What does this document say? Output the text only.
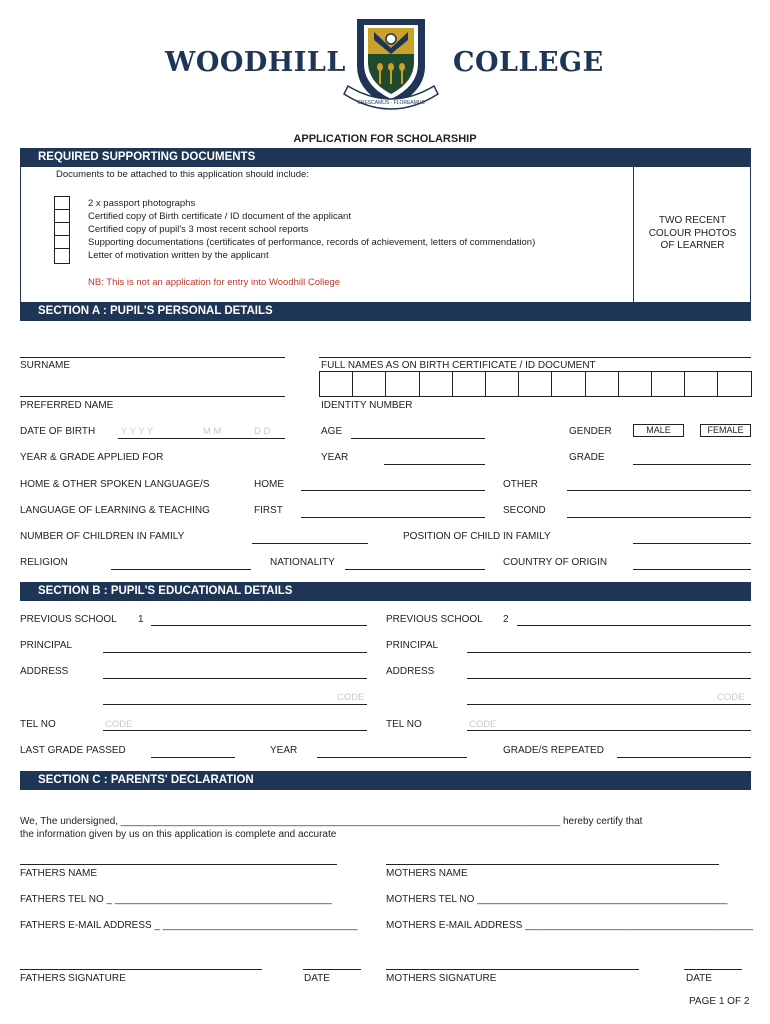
WOODHILL	COLLEGE
CRESCAMUS · FLOREAMUS
APPLICATION FOR SCHOLARSHIP
REQUIRED SUPPORTING DOCUMENTS
Documents to be attached to this application should include:
2 x passport photographs
Certified copy of Birth certificate / ID document of the applicant
Certified copy of pupil's 3 most recent school reports
Supporting documentations (certificates of performance, records of achievement, letters of commendation)
Letter of motivation written by the applicant
TWO RECENT
COLOUR PHOTOS
OF LEARNER
NB: This is not an application for entry into Woodhill College
SECTION A : PUPIL'S PERSONAL DETAILS
SURNAME	FULL NAMES AS ON BIRTH CERTIFICATE / ID DOCUMENT
PREFERRED NAME	IDENTITY NUMBER
DATE OF BIRTH	Y Y Y Y	M M	D D	AGE	GENDER	MALE	FEMALE
YEAR & GRADE APPLIED FOR	YEAR	GRADE
HOME & OTHER SPOKEN LANGUAGE/S	HOME	OTHER
LANGUAGE OF LEARNING & TEACHING	FIRST	SECOND
NUMBER OF CHILDREN IN FAMILY	POSITION OF CHILD IN FAMILY
RELIGION	NATIONALITY	COUNTRY OF ORIGIN
SECTION B : PUPIL'S EDUCATIONAL DETAILS
PREVIOUS SCHOOL 1	PREVIOUS SCHOOL 2
PRINCIPAL	PRINCIPAL
ADDRESS	ADDRESS
CODE	CODE
TEL NO	CODE	TEL NO	CODE
LAST GRADE PASSED	YEAR	GRADE/S REPEATED
SECTION C : PARENTS' DECLARATION
We, The undersigned, _______________________________________________________________________________ hereby certify that
the information given by us on this application is complete and accurate
FATHERS NAME	MOTHERS NAME
FATHERS TEL NO _ _______________________________________	MOTHERS TEL NO _____________________________________________
FATHERS E-MAIL ADDRESS _ ___________________________________	MOTHERS E-MAIL ADDRESS _________________________________________
FATHERS SIGNATURE	DATE	MOTHERS SIGNATURE	DATE
PAGE 1 OF 2
